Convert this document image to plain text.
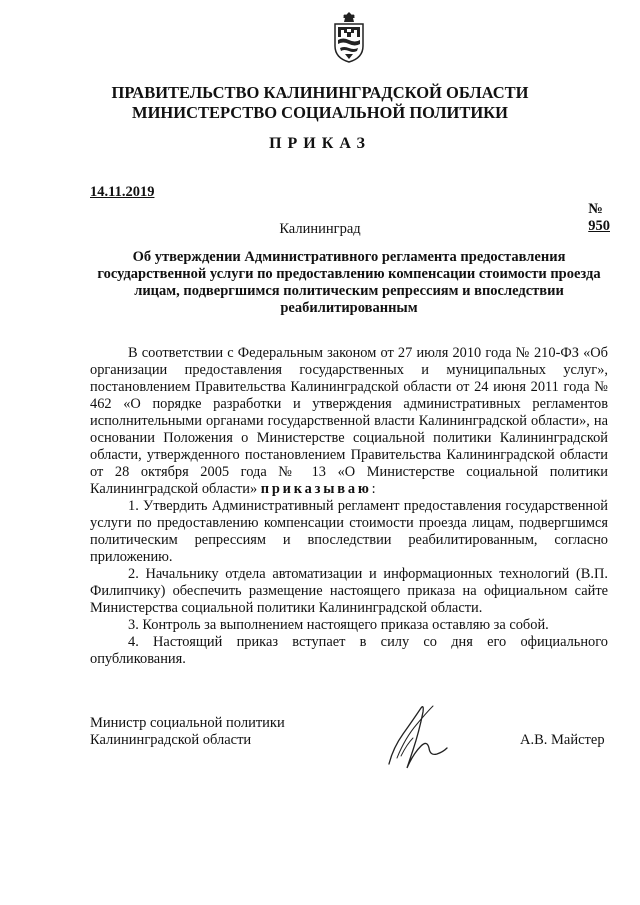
ПРАВИТЕЛЬСТВО КАЛИНИНГРАДСКОЙ ОБЛАСТИ
МИНИСТЕРСТВО СОЦИАЛЬНОЙ ПОЛИТИКИ
ПРИКАЗ
14.11.2019

№
950

Калининград
Об утверждении Административного регламента предоставления
государственной услуги по предоставлению компенсации стоимости проезда
лицам, подвергшимся политическим репрессиям и впоследствии
реабилитированным

В соответствии с Федеральным законом от 27 июля 2010 года № 210-ФЗ «Об организации предоставления государственных и муниципальных услуг», постановлением Правительства Калининградской области от 24 июня 2011 года № 462 «О порядке разработки и утверждения административных регламентов исполнительными органами государственной власти Калининградской области», на основании Положения о Министерстве социальной политики Калининградской области, утвержденного постановлением Правительства Калининградской области от 28 октября 2005 года № 13 «О Министерстве социальной политики Калининградской области» приказываю:

1. Утвердить Административный регламент предоставления государственной услуги по предоставлению компенсации стоимости проезда лицам, подвергшимся политическим репрессиям и впоследствии реабилитированным, согласно приложению.

2. Начальнику отдела автоматизации и информационных технологий (В.П. Филипчику) обеспечить размещение настоящего приказа на официальном сайте Министерства социальной политики Калининградской области.

3. Контроль за выполнением настоящего приказа оставляю за собой.

4. Настоящий приказ вступает в силу со дня его официального опубликования.

Министр социальной политики
Калининградской области	А.В. Майстер
